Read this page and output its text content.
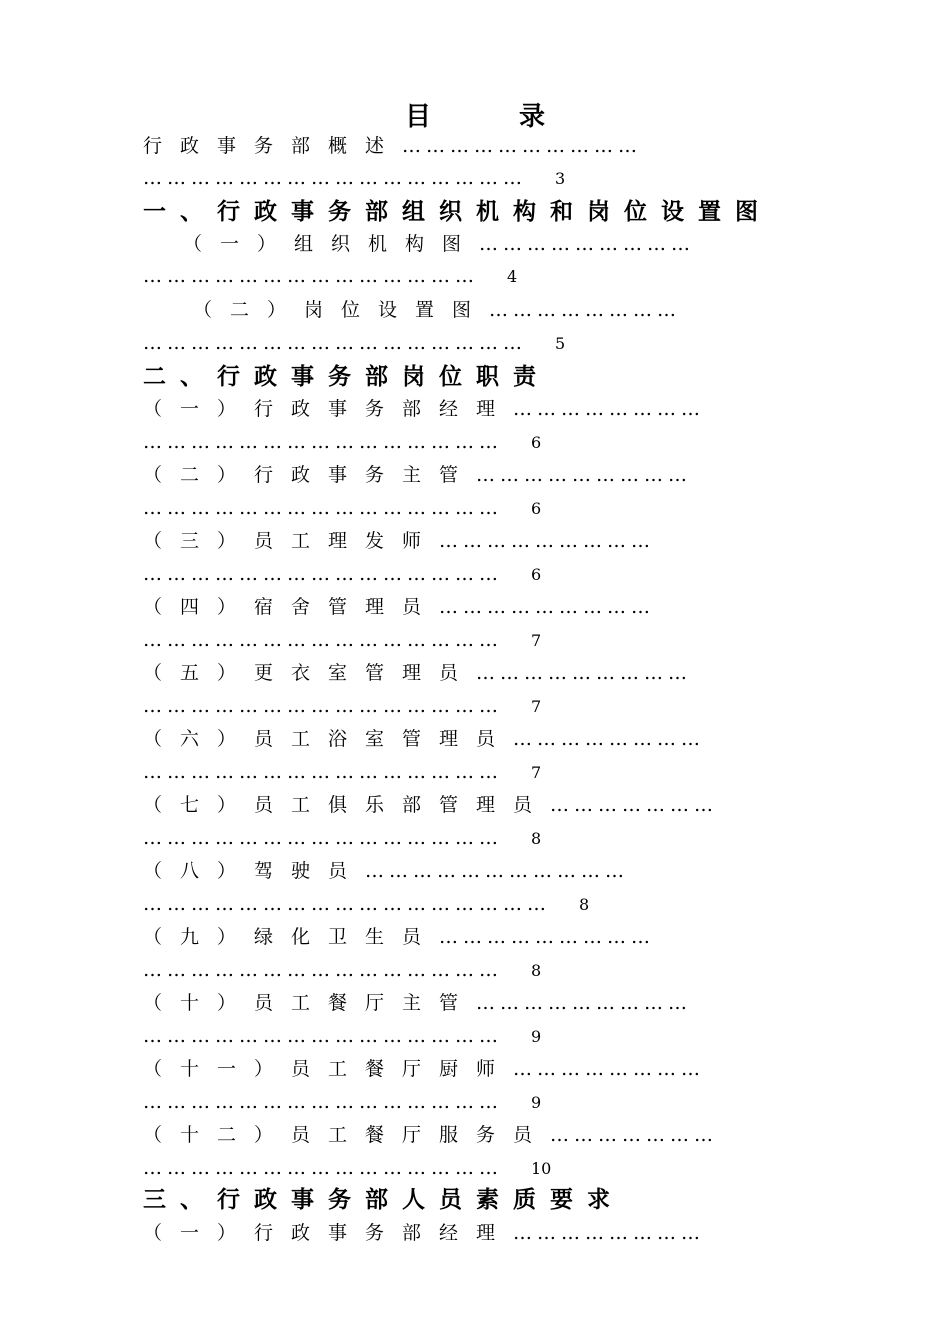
目	录
行政事务部概述…………………………
………………………………………… 3
一、行政事务部组织机构和岗位设置图
（一）组织机构图………………………
…………………………………… 4
（二）岗位设置图……………………
………………………………………… 5
二、行政事务部岗位职责
（一）行政事务部经理……………………
……………………………………… 6
（二）行政事务主管………………………
……………………………………… 6
（三）员工理发师………………………
……………………………………… 6
（四）宿舍管理员………………………
……………………………………… 7
（五）更衣室管理员………………………
……………………………………… 7
（六）员工浴室管理员……………………
……………………………………… 7
（七）员工俱乐部管理员…………………
……………………………………… 8
（八）驾驶员……………………………
…………………………………………… 8
（九）绿化卫生员………………………
……………………………………… 8
（十）员工餐厅主管………………………
……………………………………… 9
（十一）员工餐厅厨师……………………
……………………………………… 9
（十二）员工餐厅服务员…………………
……………………………………… 10
三、行政事务部人员素质要求
（一）行政事务部经理……………………
